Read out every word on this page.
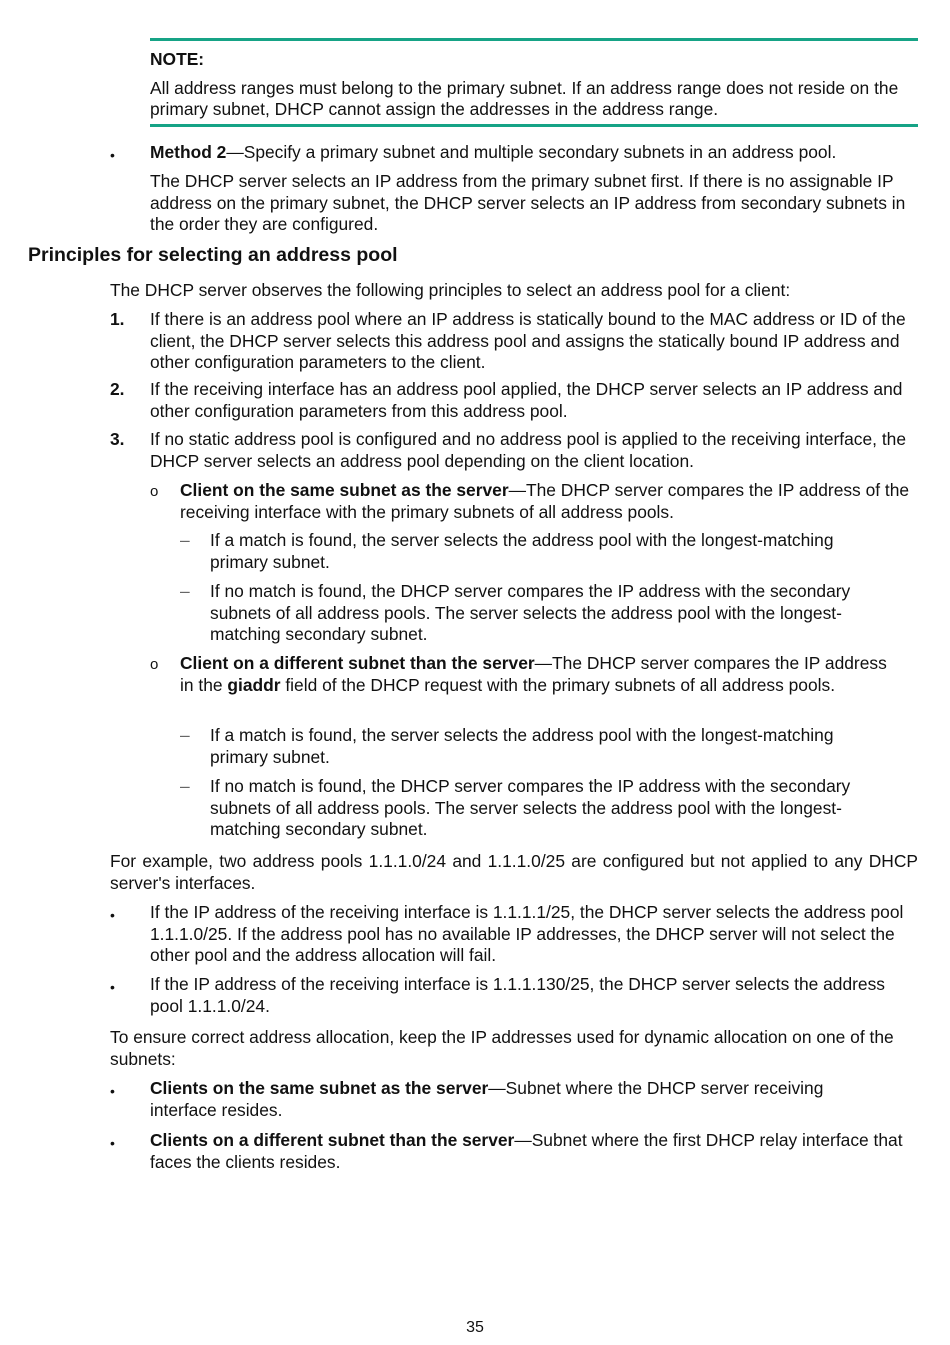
NOTE:
All address ranges must belong to the primary subnet. If an address range does not reside on the primary subnet, DHCP cannot assign the addresses in the address range.
• Method 2—Specify a primary subnet and multiple secondary subnets in an address pool.
The DHCP server selects an IP address from the primary subnet first. If there is no assignable IP address on the primary subnet, the DHCP server selects an IP address from secondary subnets in the order they are configured.
Principles for selecting an address pool
The DHCP server observes the following principles to select an address pool for a client:
1. If there is an address pool where an IP address is statically bound to the MAC address or ID of the client, the DHCP server selects this address pool and assigns the statically bound IP address and other configuration parameters to the client.
2. If the receiving interface has an address pool applied, the DHCP server selects an IP address and other configuration parameters from this address pool.
3. If no static address pool is configured and no address pool is applied to the receiving interface, the DHCP server selects an address pool depending on the client location.
o Client on the same subnet as the server—The DHCP server compares the IP address of the receiving interface with the primary subnets of all address pools.
– If a match is found, the server selects the address pool with the longest-matching primary subnet.
– If no match is found, the DHCP server compares the IP address with the secondary subnets of all address pools. The server selects the address pool with the longest-matching secondary subnet.
o Client on a different subnet than the server—The DHCP server compares the IP address in the giaddr field of the DHCP request with the primary subnets of all address pools.
– If a match is found, the server selects the address pool with the longest-matching primary subnet.
– If no match is found, the DHCP server compares the IP address with the secondary subnets of all address pools. The server selects the address pool with the longest-matching secondary subnet.
For example, two address pools 1.1.1.0/24 and 1.1.1.0/25 are configured but not applied to any DHCP server's interfaces.
• If the IP address of the receiving interface is 1.1.1.1/25, the DHCP server selects the address pool 1.1.1.0/25. If the address pool has no available IP addresses, the DHCP server will not select the other pool and the address allocation will fail.
• If the IP address of the receiving interface is 1.1.1.130/25, the DHCP server selects the address pool 1.1.1.0/24.
To ensure correct address allocation, keep the IP addresses used for dynamic allocation on one of the subnets:
• Clients on the same subnet as the server—Subnet where the DHCP server receiving interface resides.
• Clients on a different subnet than the server—Subnet where the first DHCP relay interface that faces the clients resides.
35
